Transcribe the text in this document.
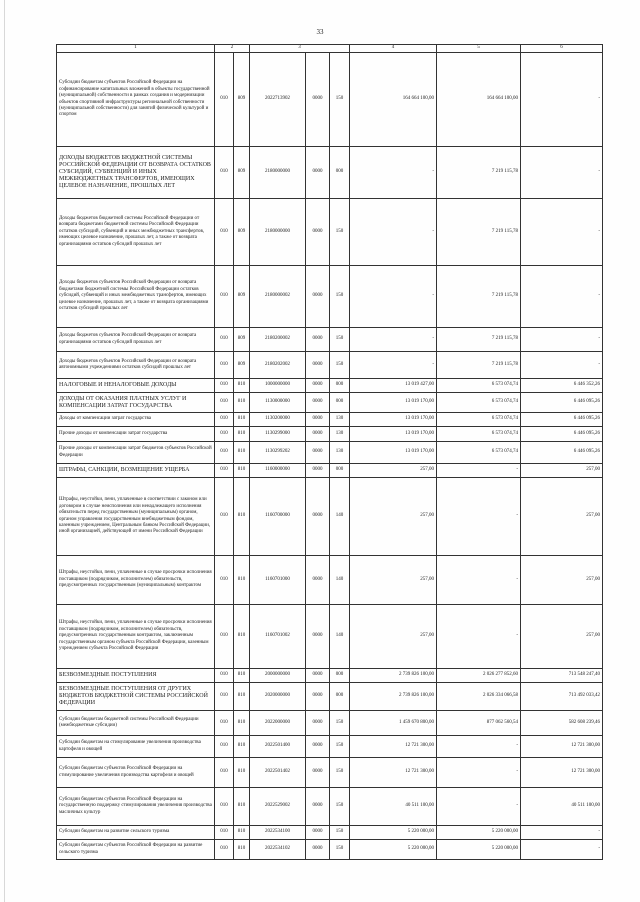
33
1	2		3			4	5	6
Субсидии бюджетам субъектов Российской Федерации на софинансирование капитальных вложений в объекты государственной (муниципальной) собственности в рамках создания и модернизации объектов спортивной инфраструктуры региональной собственности (муниципальной собственности) для занятий физической культурой и спортом	010	809	2022713902	0000	150	164 664 100,00	164 664 100,00	-
ДОХОДЫ БЮДЖЕТОВ БЮДЖЕТНОЙ СИСТЕМЫ РОССИЙСКОЙ ФЕДЕРАЦИИ ОТ ВОЗВРАТА ОСТАТКОВ СУБСИДИЙ, СУБВЕНЦИЙ И ИНЫХ МЕЖБЮДЖЕТНЫХ ТРАНСФЕРТОВ, ИМЕЮЩИХ ЦЕЛЕВОЕ НАЗНАЧЕНИЕ, ПРОШЛЫХ ЛЕТ	010	809	2180000000	0000	000	-	7 219 115,78	-
Доходы бюджетов бюджетной системы Российской Федерации от возврата бюджетами бюджетной системы Российской Федерации остатков субсидий, субвенций и иных межбюджетных трансфертов, имеющих целевое назначение, прошлых лет, а также от возврата организациями остатков субсидий прошлых лет	010	809	2180000000	0000	150	-	7 219 115,78	-
Доходы бюджетов субъектов Российской Федерации от возврата бюджетами бюджетной системы Российской Федерации остатков субсидий, субвенций и иных межбюджетных трансфертов, имеющих целевое назначение, прошлых лет, а также от возврата организациями остатков субсидий прошлых лет	010	809	2180000002	0000	150	-	7 219 115,78	-
Доходы бюджетов субъектов Российской Федерации от возврата организациями остатков субсидий прошлых лет	010	809	2180200002	0000	150	-	7 219 115,78	-
Доходы бюджетов субъектов Российской Федерации от возврата автономными учреждениями остатков субсидий прошлых лет	010	809	2180202002	0000	150	-	7 219 115,78	-
НАЛОГОВЫЕ И НЕНАЛОГОВЫЕ ДОХОДЫ	010	810	1000000000	0000	000	13 019 427,00	6 573 074,74	6 446 352,26
ДОХОДЫ ОТ ОКАЗАНИЯ ПЛАТНЫХ УСЛУГ И КОМПЕНСАЦИИ ЗАТРАТ ГОСУДАРСТВА	010	810	1130000000	0000	000	13 019 170,00	6 573 074,74	6 446 095,26
Доходы от компенсации затрат государства	010	810	1130200000	0000	130	13 019 170,00	6 573 074,74	6 446 095,26
Прочие доходы от компенсации затрат государства	010	810	1130299000	0000	130	13 019 170,00	6 573 074,74	6 446 095,26
Прочие доходы от компенсации затрат бюджетов субъектов Российской Федерации	010	810	1130299202	0000	130	13 019 170,00	6 573 074,74	6 446 095,26
ШТРАФЫ, САНКЦИИ, ВОЗМЕЩЕНИЕ УЩЕРБА	010	810	1160000000	0000	000	257,00	-	257,00
Штрафы, неустойки, пени, уплаченные в соответствии с законом или договором в случае неисполнения или ненадлежащего исполнения обязательств перед государственным (муниципальным) органом, органом управления государственным внебюджетным фондом, казенным учреждением, Центральным банком Российской Федерации, иной организацией, действующей от имени Российской Федерации	010	810	1160700000	0000	140	257,00	-	257,00
Штрафы, неустойки, пени, уплаченные в случае просрочки исполнения поставщиком (подрядчиком, исполнителем) обязательств, предусмотренных государственным (муниципальным) контрактом	010	810	1160701000	0000	140	257,00	-	257,00
Штрафы, неустойки, пени, уплаченные в случае просрочки исполнения поставщиком (подрядчиком, исполнителем) обязательств, предусмотренных государственным контрактом, заключенным государственным органом субъекта Российской Федерации, казенным учреждением субъекта Российской Федерации	010	810	1160701002	0000	140	257,00	-	257,00
БЕЗВОЗМЕЗДНЫЕ ПОСТУПЛЕНИЯ	010	810	2000000000	0000	000	2 739 826 100,00	2 026 277 852,60	713 548 247,40
БЕЗВОЗМЕЗДНЫЕ ПОСТУПЛЕНИЯ ОТ ДРУГИХ БЮДЖЕТОВ БЮДЖЕТНОЙ СИСТЕМЫ РОССИЙСКОЙ ФЕДЕРАЦИИ	010	810	2020000000	0000	000	2 739 826 100,00	2 026 334 066,58	713 492 033,42
Субсидии бюджетам бюджетной системы Российской Федерации (межбюджетные субсидии)	010	810	2022000000	0000	150	1 459 670 800,00	877 062 560,54	582 608 239,46
Субсидии бюджетам на стимулирование увеличения производства картофеля и овощей	010	810	2022501400	0000	150	12 721 300,00	-	12 721 300,00
Субсидии бюджетам субъектов Российской Федерации на стимулирование увеличения производства картофеля и овощей	010	810	2022501402	0000	150	12 721 300,00	-	12 721 300,00
Субсидии бюджетам субъектов Российской Федерации на государственную поддержку стимулирования увеличения производства масличных культур	010	810	2022529002	0000	150	40 511 100,00	-	40 511 100,00
Субсидии бюджетам на развитие сельского туризма	010	810	2022534100	0000	150	5 220 000,00	5 220 000,00	-
Субсидии бюджетам субъектов Российской Федерации на развитие сельского туризма	010	810	2022534102	0000	150	5 220 000,00	5 220 000,00	-
